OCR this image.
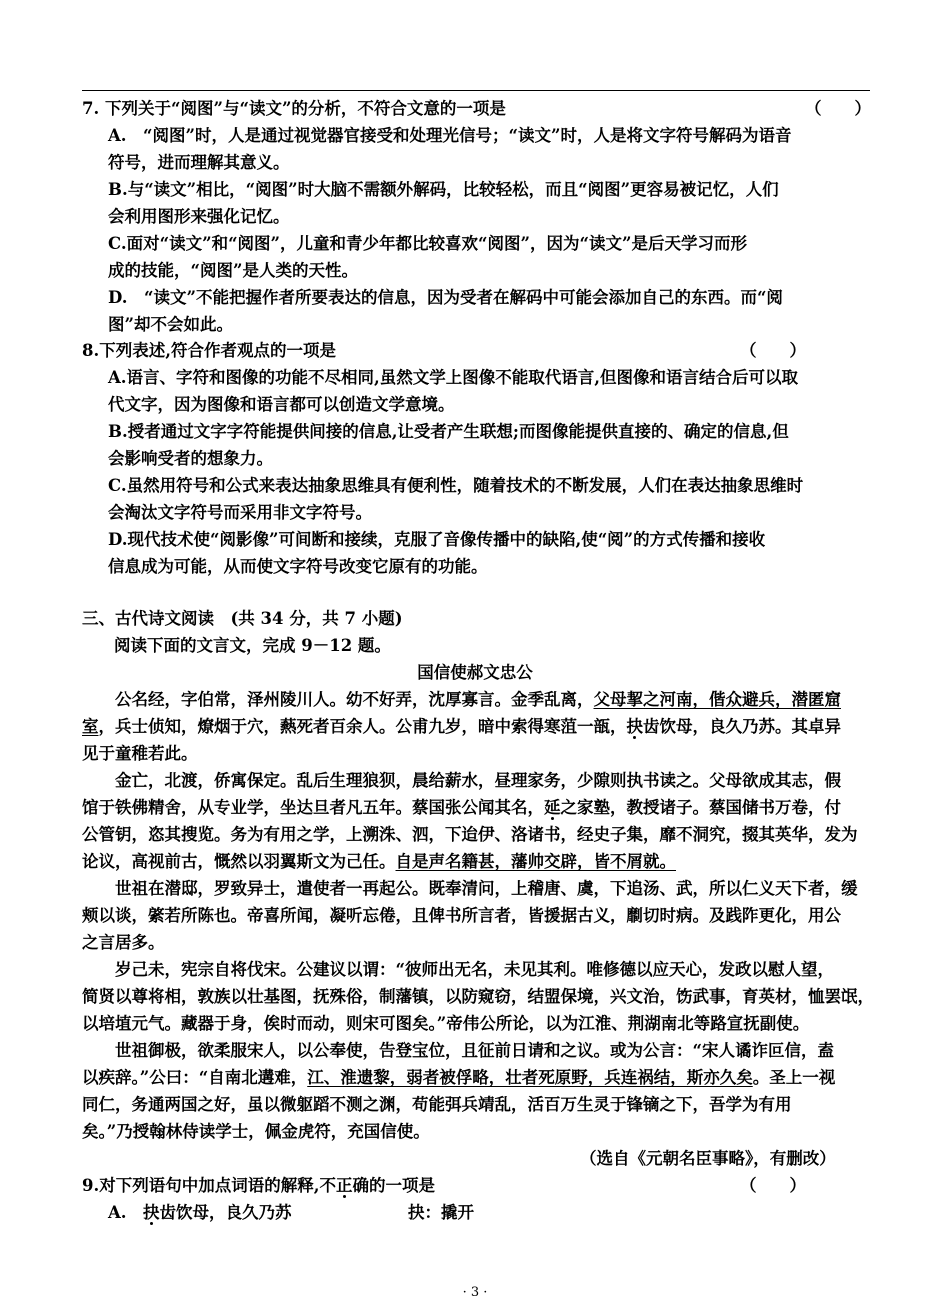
7. 下列关于“阅图”与“读文”的分析，不符合文意的一项是	（　　）
A.　“阅图”时，人是通过视觉器官接受和处理光信号；“读文”时，人是将文字符号解码为语音
符号，进而理解其意义。
B.与“读文”相比，“阅图”时大脑不需额外解码，比较轻松，而且“阅图”更容易被记忆，人们
会利用图形来强化记忆。
C.面对“读文”和“阅图”，儿童和青少年都比较喜欢“阅图”，因为“读文”是后天学习而形
成的技能，“阅图”是人类的天性。
D.　“读文”不能把握作者所要表达的信息，因为受者在解码中可能会添加自己的东西。而“阅
图”却不会如此。
8.下列表述,符合作者观点的一项是	（　　）
A.语言、字符和图像的功能不尽相同,虽然文学上图像不能取代语言,但图像和语言结合后可以取
代文字，因为图像和语言都可以创造文学意境。
B.授者通过文字字符能提供间接的信息,让受者产生联想;而图像能提供直接的、确定的信息,但
会影响受者的想象力。
C.虽然用符号和公式来表达抽象思维具有便利性，随着技术的不断发展，人们在表达抽象思维时
会淘汰文字符号而采用非文字符号。
D.现代技术使“阅影像”可间断和接续，克服了音像传播中的缺陷,使“阅”的方式传播和接收
信息成为可能，从而使文字符号改变它原有的功能。
三、古代诗文阅读　(共 34 分，共 7 小题)
阅读下面的文言文，完成 9－12 题。
国信使郝文忠公
　　公名经，字伯常，泽州陵川人。幼不好弄，沈厚寡言。金季乱离，父母挈之河南，偕众避兵，潜匿窟
室，兵士侦知，燎烟于穴，爇死者百余人。公甫九岁，暗中索得寒菹一瓿，抉齿饮母，良久乃苏。其卓异
见于童稚若此。
　　金亡，北渡，侨寓保定。乱后生理狼狈，晨给薪水，昼理家务，少隙则执书读之。父母欲成其志，假
馆于铁佛精舍，从专业学，坐达旦者凡五年。蔡国张公闻其名，延之家塾，教授诸子。蔡国储书万卷，付
公管钥，恣其搜览。务为有用之学，上溯洙、泗，下迨伊、洛诸书，经史子集，靡不洞究，掇其英华，发为
论议，高视前古，慨然以羽翼斯文为己任。自是声名籍甚，藩帅交辟，皆不屑就。
　　世祖在潜邸，罗致异士，遣使者一再起公。既奉清问，上稽唐、虞，下追汤、武，所以仁义天下者，缓
颊以谈，綮若所陈也。帝喜所闻，凝听忘倦，且俾书所言者，皆援据古义，劘切时病。及践阼更化，用公
之言居多。
　　岁己未，宪宗自将伐宋。公建议以谓：“彼师出无名，未见其利。唯修德以应天心，发政以慰人望，
简贤以尊将相，敦族以壮基图，抚殊俗，制藩镇，以防窥窃，结盟保境，兴文治，饬武事，育英材，恤罢氓，
以培埴元气。藏器于身，俟时而动，则宋可图矣。”帝伟公所论，以为江淮、荆湖南北等路宣抚副使。
　　世祖御极，欲柔服宋人，以公奉使，告登宝位，且征前日请和之议。或为公言：“宋人谲诈叵信，盍
以疾辞。”公曰：“自南北遘难，江、淮遗黎，弱者被俘略，壮者死原野，兵连祸结，斯亦久矣。圣上一视
同仁，务通两国之好，虽以微躯蹈不测之渊，苟能弭兵靖乱，活百万生灵于锋镝之下，吾学为有用
矣。”乃授翰林侍读学士，佩金虎符，充国信使。
（选自《元朝名臣事略》，有删改）
9.对下列语句中加点词语的解释,不正确的一项是	（　　）
A.　抉齿饮母，良久乃苏	抉：撬开
· 3 ·
